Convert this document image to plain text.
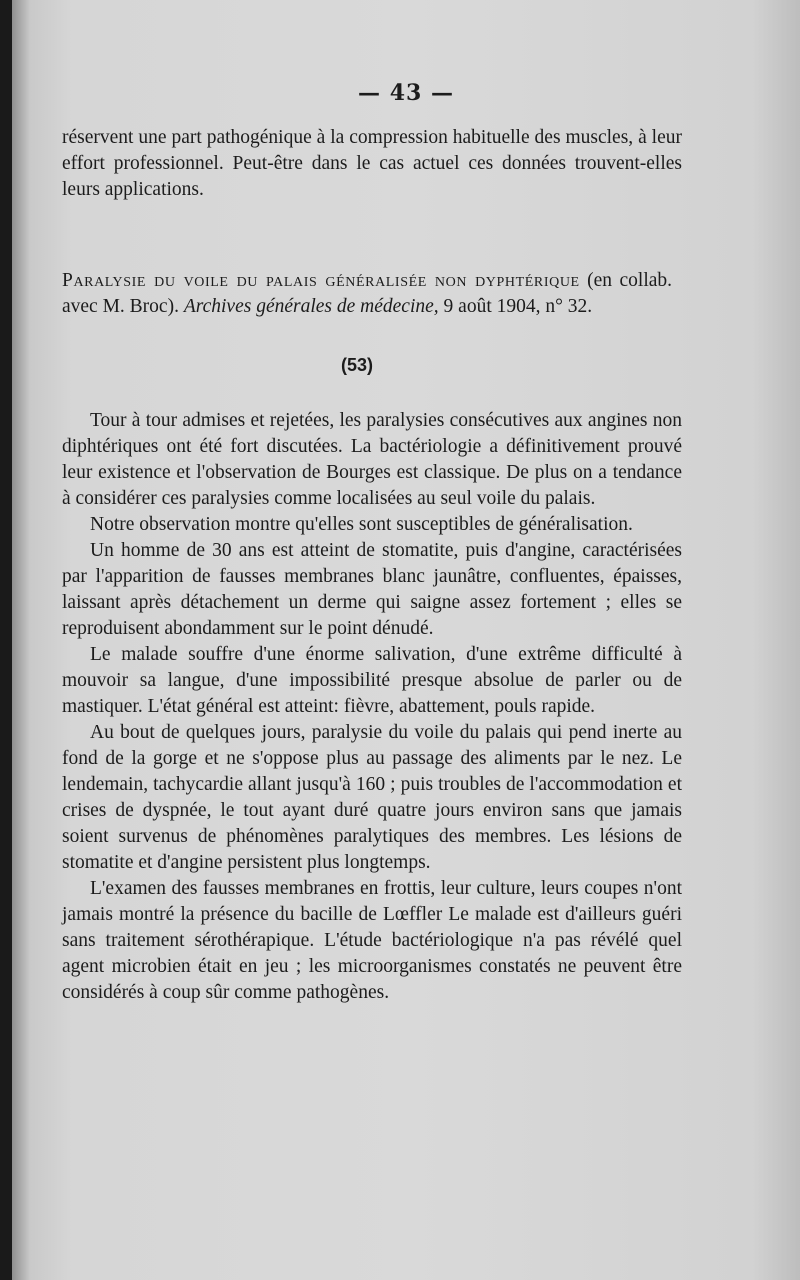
— 43 —

réservent une part pathogénique à la compression habituelle des muscles, à leur effort professionnel. Peut-être dans le cas actuel ces données trouvent-elles leurs applications.

Paralysie du voile du palais généralisée non dyphtérique (en collab. avec M. Broc). Archives générales de médecine, 9 août 1904, n° 32.
(53)

Tour à tour admises et rejetées, les paralysies consécutives aux angines non diphtériques ont été fort discutées. La bactériologie a définitivement prouvé leur existence et l'observation de Bourges est classique. De plus on a tendance à considérer ces paralysies comme localisées au seul voile du palais.

Notre observation montre qu'elles sont susceptibles de généralisation.

Un homme de 30 ans est atteint de stomatite, puis d'angine, caractérisées par l'apparition de fausses membranes blanc jaunâtre, confluentes, épaisses, laissant après détachement un derme qui saigne assez fortement ; elles se reproduisent abondamment sur le point dénudé.

Le malade souffre d'une énorme salivation, d'une extrême difficulté à mouvoir sa langue, d'une impossibilité presque absolue de parler ou de mastiquer. L'état général est atteint: fièvre, abattement, pouls rapide.

Au bout de quelques jours, paralysie du voile du palais qui pend inerte au fond de la gorge et ne s'oppose plus au passage des aliments par le nez. Le lendemain, tachycardie allant jusqu'à 160 ; puis troubles de l'accommodation et crises de dyspnée, le tout ayant duré quatre jours environ sans que jamais soient survenus de phénomènes paralytiques des membres. Les lésions de stomatite et d'angine persistent plus longtemps.

L'examen des fausses membranes en frottis, leur culture, leurs coupes n'ont jamais montré la présence du bacille de Lœffler Le malade est d'ailleurs guéri sans traitement sérothérapique. L'étude bactériologique n'a pas révélé quel agent microbien était en jeu ; les microorganismes constatés ne peuvent être considérés à coup sûr comme pathogènes.
